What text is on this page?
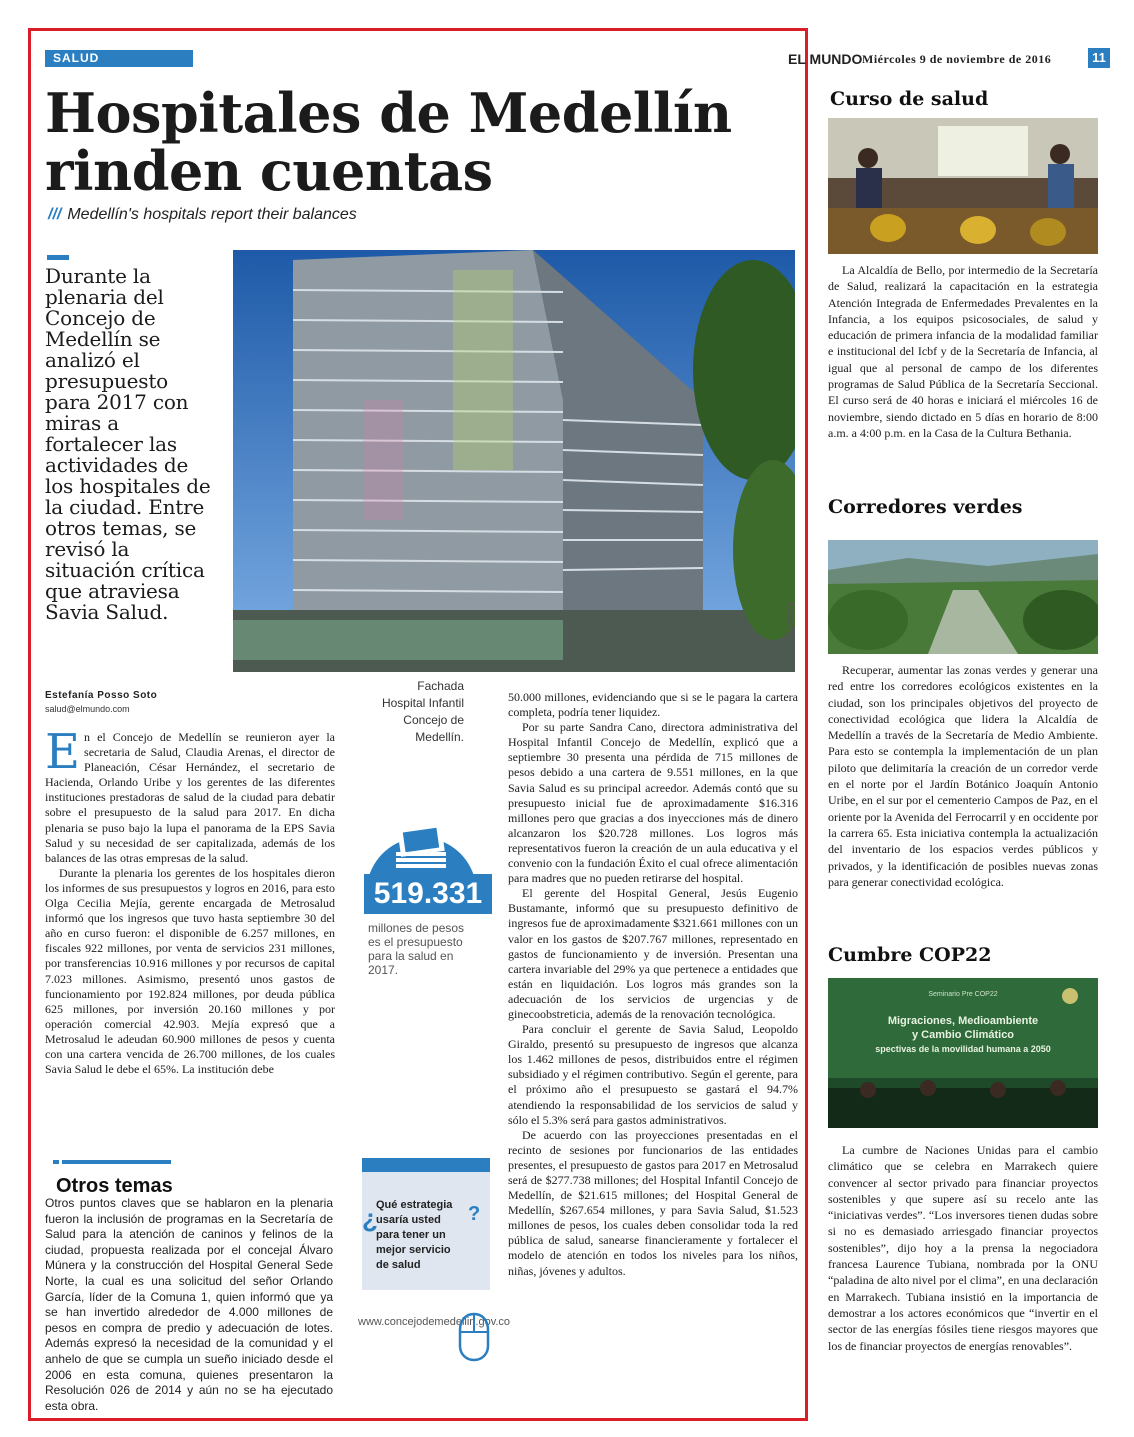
SALUD	EL MUNDO Miércoles 9 de noviembre de 2016	11
Hospitales de Medellín rinden cuentas
/// Medellín's hospitals report their balances
Durante la plenaria del Concejo de Medellín se analizó el presupuesto para 2017 con miras a fortalecer las actividades de los hospitales de la ciudad. Entre otros temas, se revisó la situación crítica que atraviesa Savia Salud.	Cortesía
Fachada Hospital Infantil Concejo de Medellín.
Estefanía Posso Soto
salud@elmundo.com

En el Concejo de Medellín se reunieron ayer la secretaria de Salud, Claudia Arenas, el director de Planeación, César Hernández, el secretario de Hacienda, Orlando Uribe y los gerentes de las diferentes instituciones prestadoras de salud de la ciudad para debatir sobre el presupuesto de la salud para 2017. En dicha plenaria se puso bajo la lupa el panorama de la EPS Savia Salud y su necesidad de ser capitalizada, además de los balances de las otras empresas de la salud.

Durante la plenaria los gerentes de los hospitales dieron los informes de sus presupuestos y logros en 2016, para esto Olga Cecilia Mejía, gerente encargada de Metrosalud informó que los ingresos que tuvo hasta septiembre 30 del año en curso fueron: el disponible de 6.257 millones, en fiscales 922 millones, por venta de servicios 231 millones, por transferencias 10.916 millones y por recursos de capital 7.023 millones. Asimismo, presentó unos gastos de funcionamiento por 192.824 millones, por deuda pública 625 millones, por inversión 20.160 millones y por operación comercial 42.903. Mejía expresó que a Metrosalud le adeudan 60.900 millones de pesos y cuenta con una cartera vencida de 26.700 millones, de los cuales Savia Salud le debe el 65%. La institución debe

519.331
millones de pesos es el presupuesto para la salud en 2017.
Otros temas
Otros puntos claves que se hablaron en la plenaria fueron la inclusión de programas en la Secretaría de Salud para la atención de caninos y felinos de la ciudad, propuesta realizada por el concejal Álvaro Múnera y la construcción del Hospital General Sede Norte, la cual es una solicitud del señor Orlando García, líder de la Comuna 1, quien informó que ya se han invertido alrededor de 4.000 millones de pesos en compra de predio y adecuación de lotes. Además expresó la necesidad de la comunidad y el anhelo de que se cumpla un sueño iniciado desde el 2006 en esta comuna, quienes presentaron la Resolución 026 de 2014 y aún no se ha ejecutado esta obra.
¿
Qué estrategia usaría usted para tener un mejor servicio de salud
?
www.concejodemedellin.gov.co

50.000 millones, evidenciando que si se le pagara la cartera completa, podría tener liquidez.

Por su parte Sandra Cano, directora administrativa del Hospital Infantil Concejo de Medellín, explicó que a septiembre 30 presenta una pérdida de 715 millones de pesos debido a una cartera de 9.551 millones, en la que Savia Salud es su principal acreedor. Además contó que su presupuesto inicial fue de aproximadamente $16.316 millones pero que gracias a dos inyecciones más de dinero alcanzaron los $20.728 millones. Los logros más representativos fueron la creación de un aula educativa y el convenio con la fundación Éxito el cual ofrece alimentación para madres que no pueden retirarse del hospital.

El gerente del Hospital General, Jesús Eugenio Bustamante, informó que su presupuesto definitivo de ingresos fue de aproximadamente $321.661 millones con un valor en los gastos de $207.767 millones, representado en gastos de funcionamiento y de inversión. Presentan una cartera invariable del 29% ya que pertenece a entidades que están en liquidación. Los logros más grandes son la adecuación de los servicios de urgencias y de ginecoobstreticia, además de la renovación tecnológica.

Para concluir el gerente de Savia Salud, Leopoldo Giraldo, presentó su presupuesto de ingresos que alcanza los 1.462 millones de pesos, distribuidos entre el régimen subsidiado y el régimen contributivo. Según el gerente, para el próximo año el presupuesto se gastará el 94.7% atendiendo la responsabilidad de los servicios de salud y sólo el 5.3% será para gastos administrativos.

De acuerdo con las proyecciones presentadas en el recinto de sesiones por funcionarios de las entidades presentes, el presupuesto de gastos para 2017 en Metrosalud será de $277.738 millones; del Hospital Infantil Concejo de Medellín, de $21.615 millones; del Hospital General de Medellín, $267.654 millones, y para Savia Salud, $1.523 millones de pesos, los cuales deben consolidar toda la red pública de salud, sanearse financieramente y fortalecer el modelo de atención en todos los niveles para los niños, niñas, jóvenes y adultos.

Curso de salud

La Alcaldía de Bello, por intermedio de la Secretaría de Salud, realizará la capacitación en la estrategia Atención Integrada de Enfermedades Prevalentes en la Infancia, a los equipos psicosociales, de salud y educación de primera infancia de la modalidad familiar e institucional del Icbf y de la Secretaría de Infancia, al igual que al personal de campo de los diferentes programas de Salud Pública de la Secretaría Seccional. El curso será de 40 horas e iniciará el miércoles 16 de noviembre, siendo dictado en 5 días en horario de 8:00 a.m. a 4:00 p.m. en la Casa de la Cultura Bethania.

Corredores verdes

Recuperar, aumentar las zonas verdes y generar una red entre los corredores ecológicos existentes en la ciudad, son los principales objetivos del proyecto de conectividad ecológica que lidera la Alcaldía de Medellín a través de la Secretaría de Medio Ambiente. Para esto se contempla la implementación de un plan piloto que delimitaría la creación de un corredor verde en el norte por el Jardín Botánico Joaquín Antonio Uribe, en el sur por el cementerio Campos de Paz, en el oriente por la Avenida del Ferrocarril y en occidente por la carrera 65. Esta iniciativa contempla la actualización del inventario de los espacios verdes públicos y privados, y la identificación de posibles nuevas zonas para generar conectividad ecológica.

Cumbre COP22
Seminario Pre COP22
Migraciones, Medioambiente
y Cambio Climático
spectivas de la movilidad humana a 2050

La cumbre de Naciones Unidas para el cambio climático que se celebra en Marrakech quiere convencer al sector privado para financiar proyectos sostenibles y que supere así su recelo ante las “iniciativas verdes”. “Los inversores tienen dudas sobre si no es demasiado arriesgado financiar proyectos sostenibles”, dijo hoy a la prensa la negociadora francesa Laurence Tubiana, nombrada por la ONU “paladina de alto nivel por el clima”, en una declaración en Marrakech. Tubiana insistió en la importancia de demostrar a los actores económicos que “invertir en el sector de las energías fósiles tiene riesgos mayores que los de financiar proyectos de energías renovables”.
